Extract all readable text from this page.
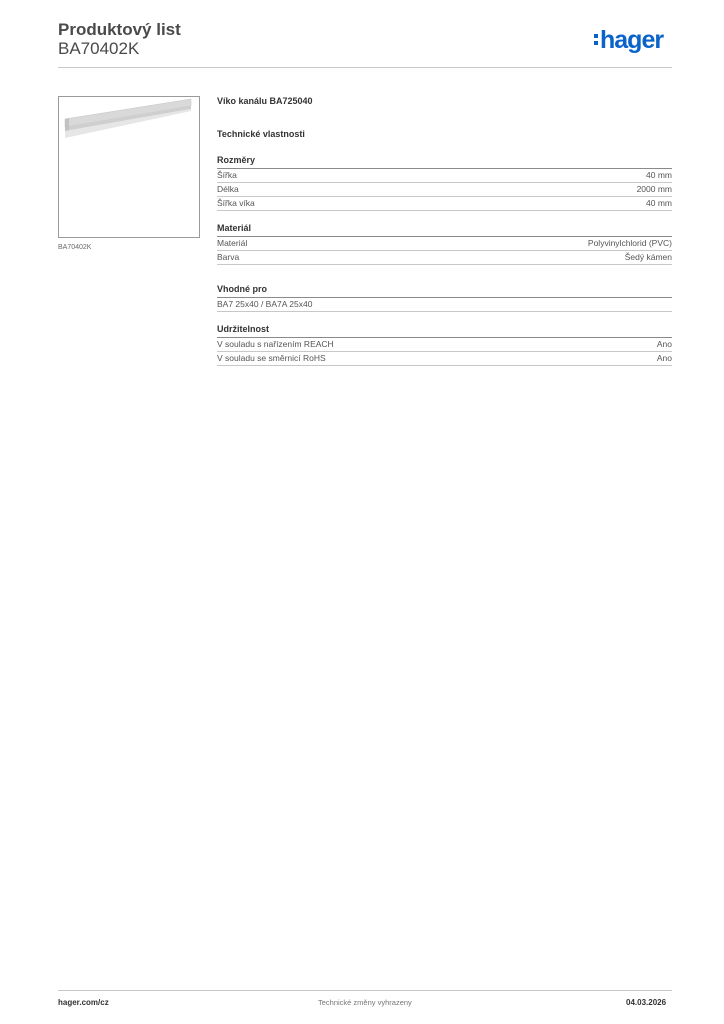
Produktový list
BA70402K	hager
BA70402K
Víko kanálu BA725040
Technické vlastnosti
Rozměry
Šířka	40 mm
Délka	2000 mm
Šířka víka	40 mm
Materiál
Materiál	Polyvinylchlorid (PVC)
Barva	Šedý kámen
Vhodné pro
BA7 25x40 / BA7A 25x40
Udržitelnost
V souladu s nařízením REACH	Ano
V souladu se směrnicí RoHS	Ano
hager.com/cz	Technické změny vyhrazeny	04.03.2026
